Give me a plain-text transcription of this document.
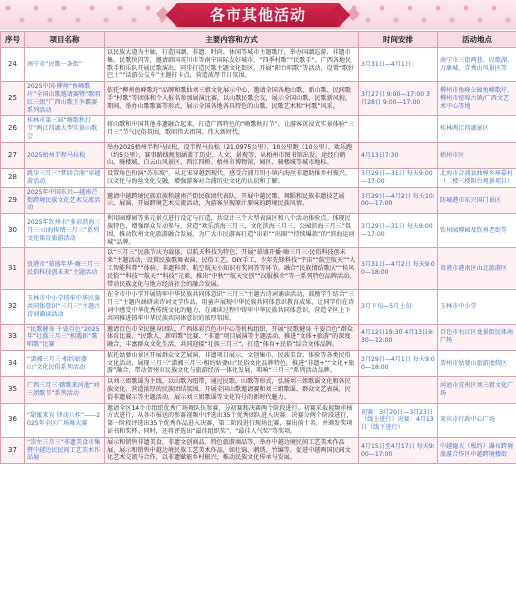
各市其他活动
序号	项目名称	主要内容和方式	时间安排	活动地点
24	南宁市“民歌一条街”	以民族大道为主轴，打造国潮、非遗、时尚、休闲等城市主题歌厅，举办国潮巡游、非遗市集、民歌快闪等，邀请韩国英川市等南宁国际友好城市、“四季村歌”“民歌手”、广西各地民歌手和乐队开展民歌演出。同步打造民歌主题文化街区，开展“阳台唱歌”等活动，设置“歌好巴士”“话游公交车”主题打卡点，营造浓厚节日氛围。	3月31日—4月1日	南宁市三街两巷、民歌湖、万象城、青秀山风景区等
25	2025中国·柳州“鱼峰歌圩”全国山歌邀请赛暨“歌唱红三姐”广西山歌王争霸赛系列活动	依托“柳州鱼峰歌圩”品牌和歌仙刘三姐文化展示中心，邀请全国各地山歌、新山歌、民间歌手“村歌”等团体和个人报名参加展演比赛，以山歌民歌会友，展示全国山歌、民歌新风貌。期间，举办山歌歌赛等形式，展示全国各地各具特色的山歌、民歌艺术和“村歌”风采。	3月27日 9:00—17:00 3月28日 9:00—17:00	柳州市鱼峰公园鱼峰歌圩、柳州市窑埠古镇/广西文艺术中心等地
26	桂林市第三届“嗨歌秋打节”两江四湖大型实景山歌会	将山歌和中国其他非遗融合起来，打造广西特色的“嗨歌秋打节”，让游客沉浸式实景体验“三月三”节气民俗氛围，歌唱伟大祖国、伟大新时代。		桂林两江四湖景区
27	2025梧州半程马拉松	举办2025梧州半程马拉松，设半程马拉松（21.0975公里）、10公里跑（10公里）、欢乐跑（约5公里），赛事路线规划涵盖了历史、人文、景观等，从梧州市图书馆出发，途经白鹤山、骑楼城、白云山风景区、西江四桥、梧州市博物馆、园区、骑楼城等城市地标。	4月13日7:30	梧州市区
28	跳步三月三“梦回合浦”穿越游活动	设置角色扮演“苏东坡”，从北宋穿越到现代，感受合浦月饼小镇内海丝非遗助推乡村振兴、汉文化与海丝文化交融，增强游客对合浦历史文化的认识和了解。	3月29日—31日 每天9:00—17:00	北海市合浦县曲樟乡璋嘉村（二楼三楼阳台观景项目）
29	2025年中国东兴—越南芒街跨境民族文化艺术交流活动	邀请中越跨境民族京族和越南芒街民族团代表队，开展中越民歌、舞蹈和民族非遗技艺展示、展演，开展跨境艺术交流活动，为游客呈现原汁原味的跨境民族风情。	3月29日—4月2日 每天10:00—17:00	防城港市东兴国门景区
30	2025年钦州市“多彩滨海三月三·山海传情三月三”系列文化体育旅游活动	利用园博园等多元景点进行设定与打造，共设计三个大型表演区和八个活动体验点。体现民族特色，增强群众互动参与，营造“欢乐滨海三月三、文化滨海三月三、公园滨海三月三”氛围，推动钦州文化旅游融合发展，为广大市民游客打造“出彩”“出圈”“持续爆款”的“滨海运河城”品牌。	3月29日—31日 每天9:00—17:00	钦州园博园及钦州老街等
31	贵港市“慕盛年华·嗨三月三·民俗科技创未来”主题活动	以“三月三”民族节庆为载体，以航天科技为特色，开展“慕盛开播·嗨三月三·民俗科技创未来”主题活动，设置民族歌舞表演、民俗工艺、DIY手工、少年先锋科技“宇宙”“航空航天”“人工智能科普”“体验、非遗科普、航空航天小知识有奖问答等环节，融合“民族情结歌庆”“桂风民俗”“科技”“航天”“科技”元素，推出“中秋”“航天文创”“汉服推介”等一系列特色品牌活动，带动民族文化与地方经济社会的融合发展。	3月31日—4月2日 每天9:00—18:00	贵港市港南区山北旅游区
32	玉林市中小学铸牢中华民族共同体意识“三月三”主题古诗词诵读活动	在全市中小学开展铸牢中华民族共同体意识“三月三”主题古诗词诵读活动，鼓励学生结合“三月三”主题内涵研读诗词文学作品，用童声展现中华民族共同体意识教育成果，让同学们在诗词中感受中华优秀传统文化的魅力，在诵读过程中铸牢中华民族共同体意识，营造全区上下共同推进铸牢中华民族共同体意识的浓厚氛围。	3月下旬—5月上旬	玉林市中小学
33	“民歌健身 千姿百色”2025年“壮族三月三”相遇新“歌唱歌”比赛	邀请百色市全民健身团队、广西体彩百色市中心等机构组织，开展“民歌健身 千姿百色”群众体育比赛、“民歌人、新唱歌”比赛、“非遗”项目展演等主题活动，推进“文体+旅游”的深度融合，丰富群众文化生活，共同迎接“壮族三月三”，打造“体育+民俗”综合文体品牌。	4月12日19:30 4月13日9:30—12:00	百色市右江区龙景街民体南广场
34	“潇湘三月三·相约姑婆山”文化民俗系列活动	依托姑婆山景区开展群众文艺展演、非遗项目展示、文创集市、民族美食、体验等各类民俗文化活动，展现三月三“潇湘三月三·相约姑婆山”民俗文化品牌特色，推进“非遗+”“文化+旅游”融合，带动贺州市民族文化与旅游经济一体化发展，唱响“三月三”系列活动品牌。	3月29日—4月1日 每天9:00—18:00	贺州市姑婆山旅游度假区
35	广西三月三·踏歌来河池“刘三姐歌节”系列活动	以刘三姐歌谣为主线，以山歌为纽带，通过民歌、山歌等形式，弘扬刘三姐歌谣文化和各民族文化，营造浓厚的民族团结氛围。开展全国山歌邀请赛和刘三姐歌谣、群众文艺表演、民俗非遗展示等主题活动，展示刘三姐歌谣等文化符号的新时代魅力。		河池市宜州区刘三姐文化广场
36	“甜蜜来宾 律动八桂”——2025年全区广场舞大赛	邀请全区14个市组织优秀广场舞队伍参赛，分初赛和决赛两个阶段进行。初赛采取视频审核方式进行，从各市报送的参赛视频中评选出35个优秀团队进入决赛。决赛分两个阶段进行，第一阶段评选出35个优秀作品进入决赛，第二阶段进行现场比赛，赛出前十名，并颁发奖项证书和奖杯。同时，还将评选出“最佳组织奖”、“最佳人气奖”等奖项。	初赛：3月20日—3月23日（线上进行）决赛：4月13日（线下进行）	来宾市行政中心广场
37	“崇左三月三”非遗美食市集暨中越边民民间工艺美术作品展	展示和销售非遗美食，非遗文创商品、特色旅游商品等，举办中越边境民间工艺美术作品展，展示和销售中越边境民族工艺美术作品，如壮锦、刺绣、竹编等，促进中越两国民间文化艺术交流与合作，以非遗赋能乡村振兴，推动民族文化传承与发展。	4月15日至4月17日 每天9:00—17:00	中越德天（板约）瀑布跨境旅游合作区中越跨境楼街
